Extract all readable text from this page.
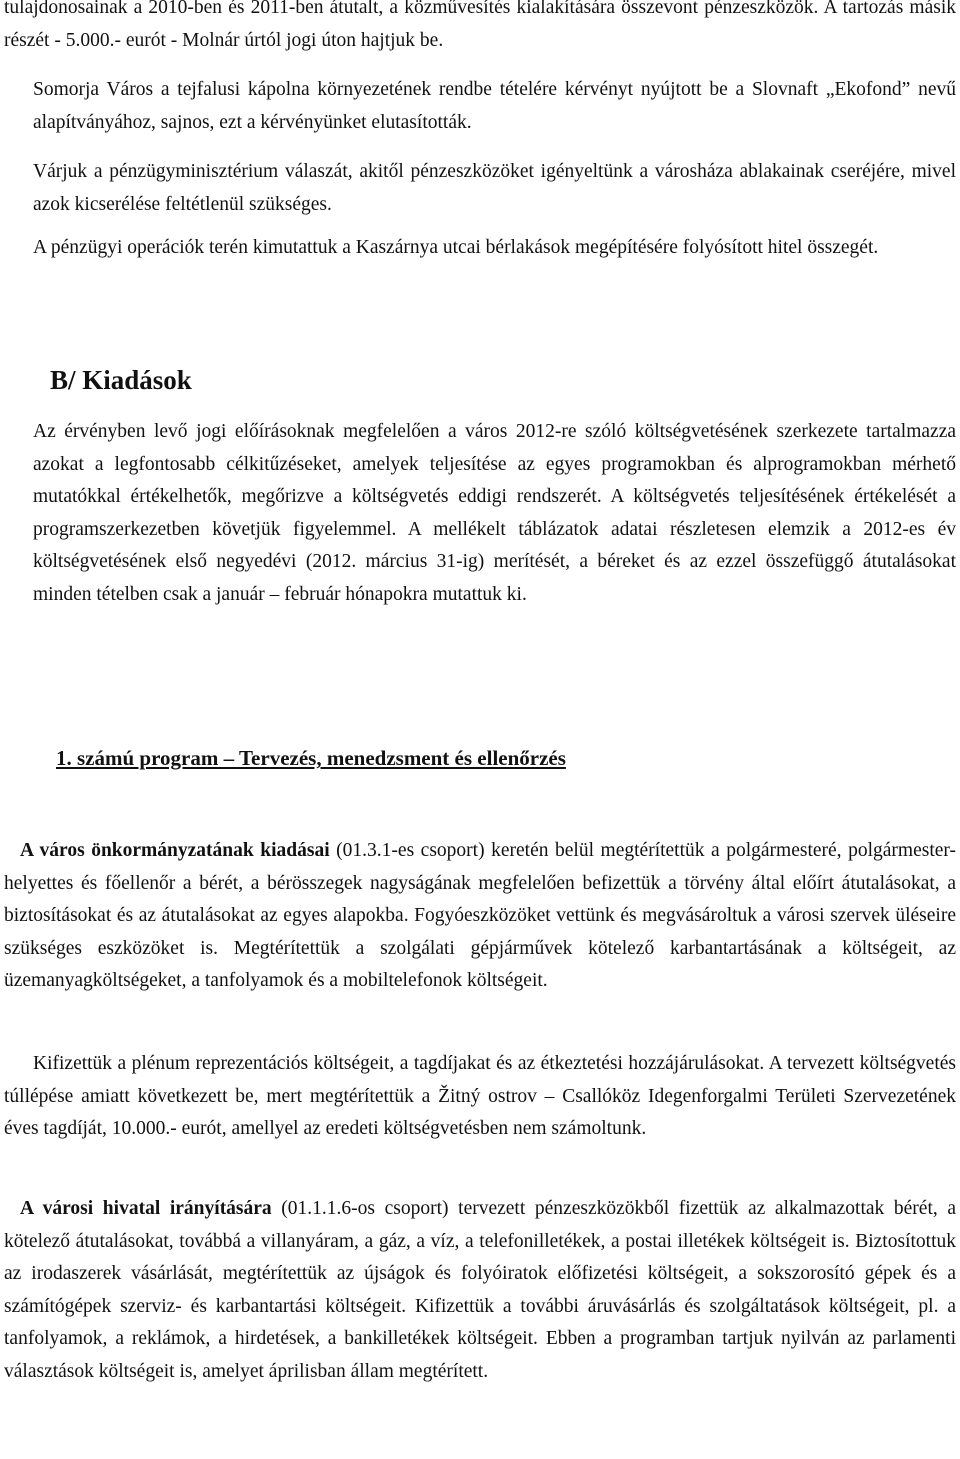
tulajdonosainak a 2010-ben és 2011-ben átutalt, a közművesítés kialakítására összevont pénzeszközök. A tartozás másik részét - 5.000.- eurót - Molnár úrtól jogi úton hajtjuk be.

Somorja Város a tejfalusi kápolna környezetének rendbe tételére kérvényt nyújtott be a Slovnaft „Ekofond” nevű alapítványához, sajnos, ezt a kérvényünket elutasították.

Várjuk a pénzügyminisztérium válaszát, akitől pénzeszközöket igényeltünk a városháza ablakainak cseréjére, mivel azok kicserélése feltétlenül szükséges.

A pénzügyi operációk terén kimutattuk a Kaszárnya utcai bérlakások megépítésére folyósított hitel összegét.

B/ Kiadások

Az érvényben levő jogi előírásoknak megfelelően a város 2012-re szóló költségvetésének szerkezete tartalmazza azokat a legfontosabb célkitűzéseket, amelyek teljesítése az egyes programokban és alprogramokban mérhető mutatókkal értékelhetők, megőrizve a költségvetés eddigi rendszerét. A költségvetés teljesítésének értékelését a programszerkezetben követjük figyelemmel. A mellékelt táblázatok adatai részletesen elemzik a 2012-es év költségvetésének első negyedévi (2012. március 31-ig) merítését, a béreket és az ezzel összefüggő átutalásokat minden tételben csak a január – február hónapokra mutattuk ki.

1. számú program – Tervezés, menedzsment és ellenőrzés

A város önkormányzatának kiadásai (01.3.1-es csoport) keretén belül megtérítettük a polgármesteré, polgármester-helyettes és főellenőr a bérét, a bérösszegek nagyságának megfelelően befizettük a törvény által előírt átutalásokat, a biztosításokat és az átutalásokat az egyes alapokba. Fogyóeszközöket vettünk és megvásároltuk a városi szervek üléseire szükséges eszközöket is. Megtérítettük a szolgálati gépjárművek kötelező karbantartásának a költségeit, az üzemanyagköltségeket, a tanfolyamok és a mobiltelefonok költségeit.

Kifizettük a plénum reprezentációs költségeit, a tagdíjakat és az étkeztetési hozzájárulásokat. A tervezett költségvetés túllépése amiatt következett be, mert megtérítettük a Žitný ostrov – Csallóköz Idegenforgalmi Területi Szervezetének éves tagdíját, 10.000.- eurót, amellyel az eredeti költségvetésben nem számoltunk.

A városi hivatal irányítására (01.1.1.6-os csoport) tervezett pénzeszközökből fizettük az alkalmazottak bérét, a kötelező átutalásokat, továbbá a villanyáram, a gáz, a víz, a telefonilletékek, a postai illetékek költségeit is. Biztosítottuk az irodaszerek vásárlását, megtérítettük az újságok és folyóiratok előfizetési költségeit, a sokszorosító gépek és a számítógépek szerviz- és karbantartási költségeit. Kifizettük a további áruvásárlás és szolgáltatások költségeit, pl. a tanfolyamok, a reklámok, a hirdetések, a bankilletékek költségeit. Ebben a programban tartjuk nyilván az parlamenti választások költségeit is, amelyet áprilisban állam megtérített.
